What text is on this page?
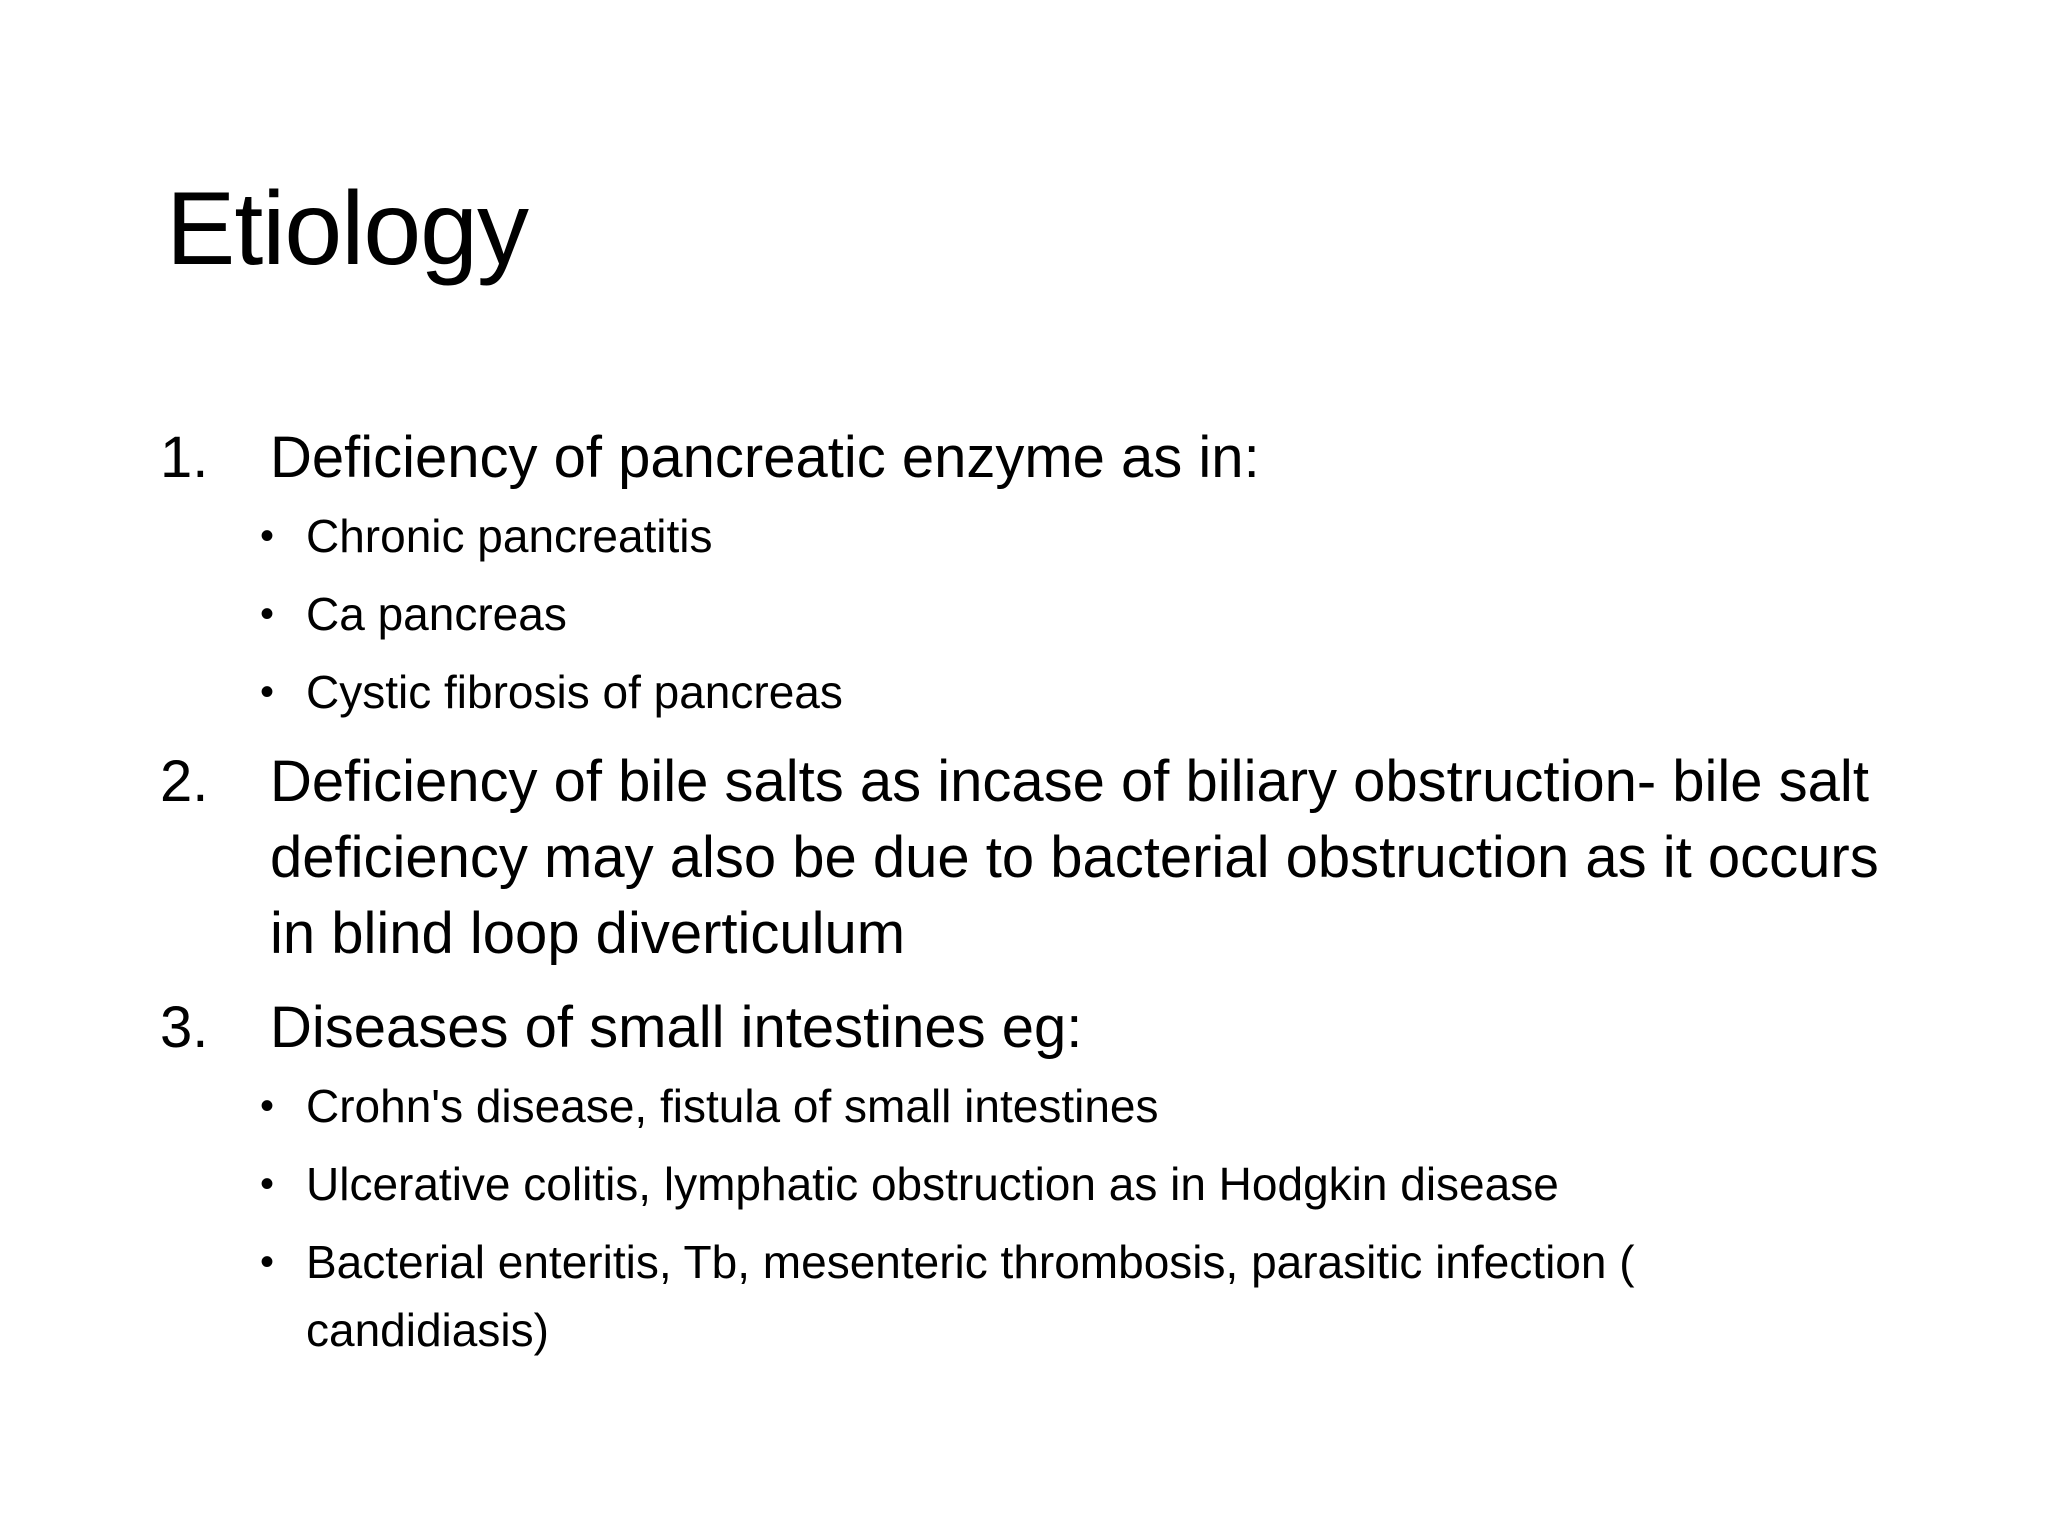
Etiology
1.	Deficiency of pancreatic enzyme as in:
• Chronic pancreatitis
• Ca pancreas
• Cystic fibrosis of pancreas
2.	Deficiency of bile salts as incase of biliary obstruction- bile salt deficiency may also be due to bacterial obstruction as it occurs in blind loop diverticulum
3.	Diseases of small intestines eg:
• Crohn's disease, fistula of small intestines
• Ulcerative colitis, lymphatic obstruction as in Hodgkin disease
• Bacterial enteritis, Tb, mesenteric thrombosis, parasitic infection ( candidiasis)
